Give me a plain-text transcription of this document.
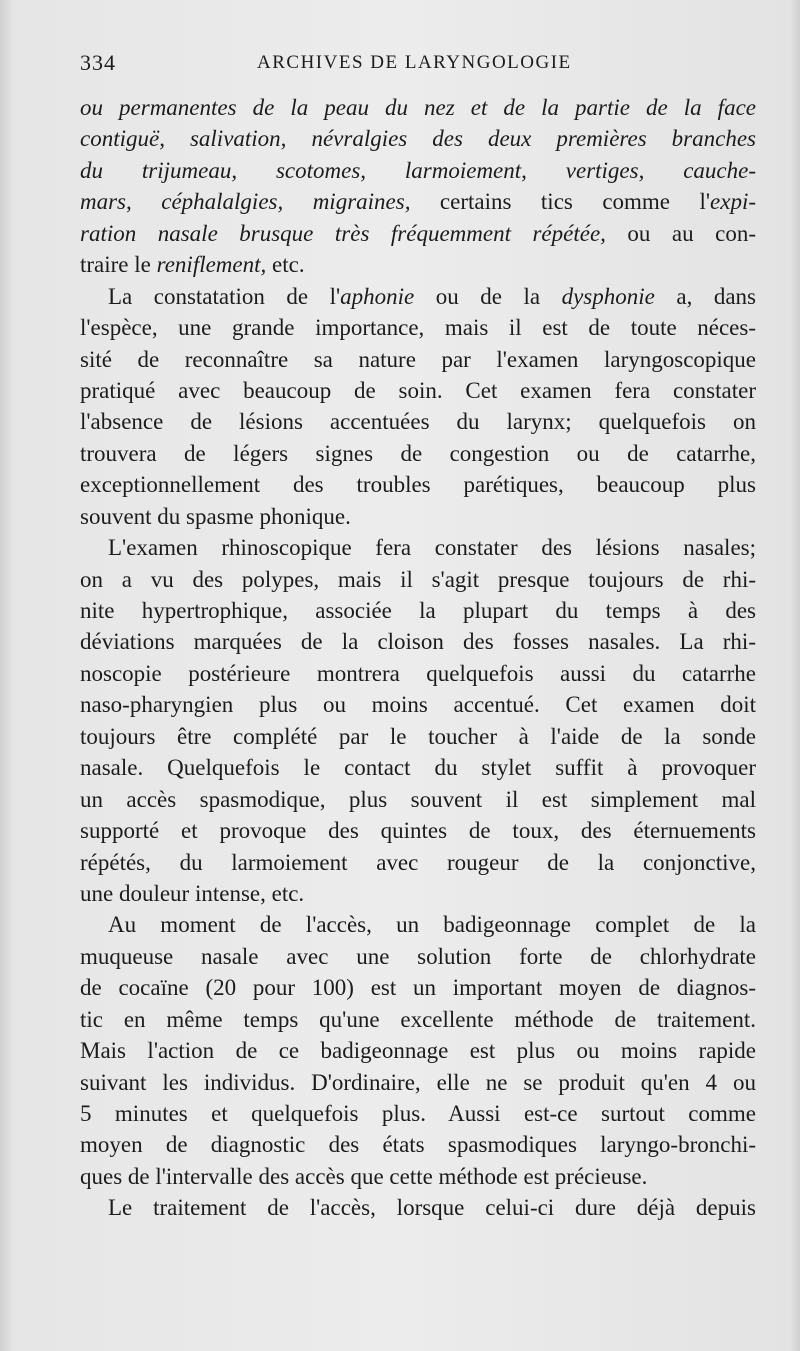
334	ARCHIVES DE LARYNGOLOGIE
ou permanentes de la peau du nez et de la partie de la face
contiguë, salivation, névralgies des deux premières branches
du trijumeau, scotomes, larmoiement, vertiges, cauche-
mars, céphalalgies, migraines, certains tics comme l'expi-
ration nasale brusque très fréquemment répétée, ou au con-
traire le reniflement, etc.
La constatation de l'aphonie ou de la dysphonie a, dans
l'espèce, une grande importance, mais il est de toute néces-
sité de reconnaître sa nature par l'examen laryngoscopique
pratiqué avec beaucoup de soin. Cet examen fera constater
l'absence de lésions accentuées du larynx; quelquefois on
trouvera de légers signes de congestion ou de catarrhe,
exceptionnellement des troubles parétiques, beaucoup plus
souvent du spasme phonique.
L'examen rhinoscopique fera constater des lésions nasales;
on a vu des polypes, mais il s'agit presque toujours de rhi-
nite hypertrophique, associée la plupart du temps à des
déviations marquées de la cloison des fosses nasales. La rhi-
noscopie postérieure montrera quelquefois aussi du catarrhe
naso-pharyngien plus ou moins accentué. Cet examen doit
toujours être complété par le toucher à l'aide de la sonde
nasale. Quelquefois le contact du stylet suffit à provoquer
un accès spasmodique, plus souvent il est simplement mal
supporté et provoque des quintes de toux, des éternuements
répétés, du larmoiement avec rougeur de la conjonctive,
une douleur intense, etc.
Au moment de l'accès, un badigeonnage complet de la
muqueuse nasale avec une solution forte de chlorhydrate
de cocaïne (20 pour 100) est un important moyen de diagnos-
tic en même temps qu'une excellente méthode de traitement.
Mais l'action de ce badigeonnage est plus ou moins rapide
suivant les individus. D'ordinaire, elle ne se produit qu'en 4 ou
5 minutes et quelquefois plus. Aussi est-ce surtout comme
moyen de diagnostic des états spasmodiques laryngo-bronchi-
ques de l'intervalle des accès que cette méthode est précieuse.
Le traitement de l'accès, lorsque celui-ci dure déjà depuis
